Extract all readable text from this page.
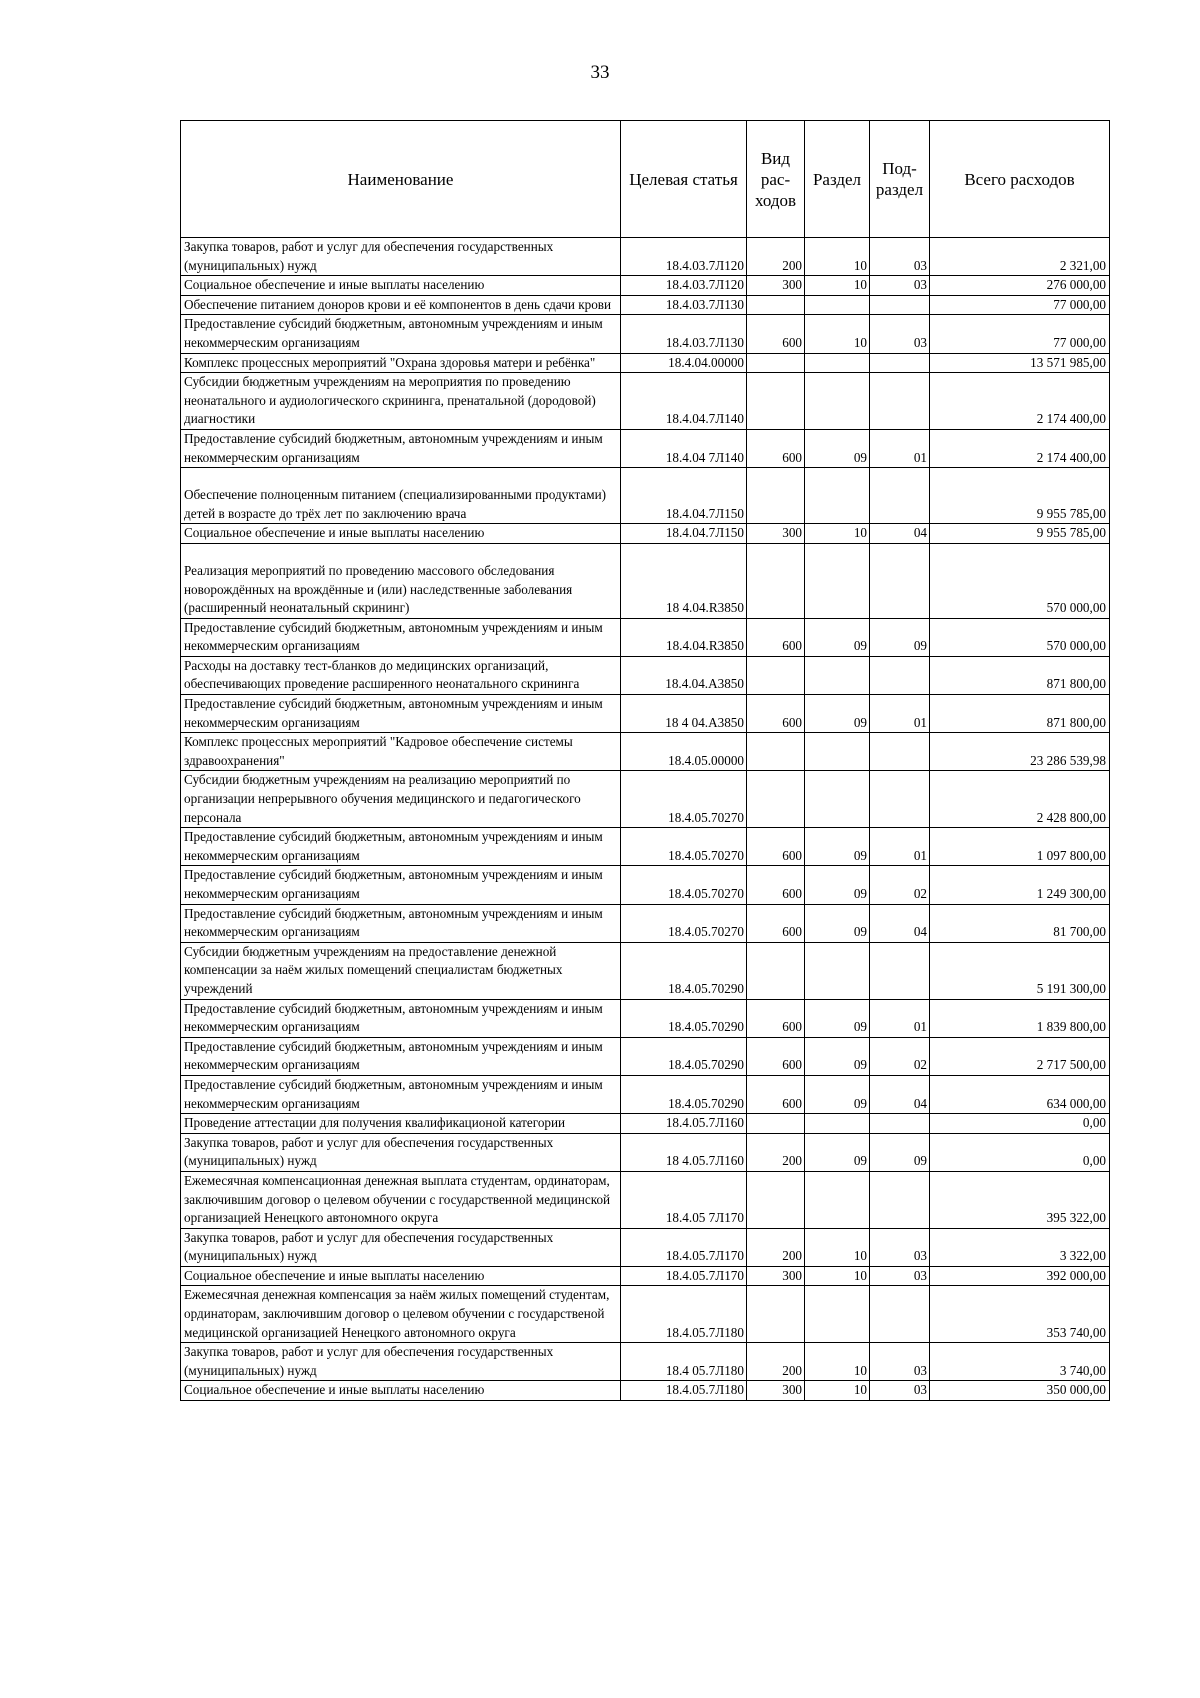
33
Наименование	Целевая статья	Вид рас- ходов	Раздел	Под- раздел	Всего расходов
Закупка товаров, работ и услуг для обеспечения государственных (муниципальных) нужд	18.4.03.7Л120	200	10	03	2 321,00
Социальное обеспечение и иные выплаты населению	18.4.03.7Л120	300	10	03	276 000,00
Обеспечение питанием доноров крови и её компонентов в день сдачи крови	18.4.03.7Л130				77 000,00
Предоставление субсидий бюджетным, автономным учреждениям и иным некоммерческим организациям	18.4.03.7Л130	600	10	03	77 000,00
Комплекс процессных мероприятий "Охрана здоровья матери и ребёнка"	18.4.04.00000				13 571 985,00
Субсидии бюджетным учреждениям на мероприятия по проведению неонатального и аудиологического скрининга, пренатальной (дородовой) диагностики	18.4.04.7Л140				2 174 400,00
Предоставление субсидий бюджетным, автономным учреждениям и иным некоммерческим организациям	18.4.04 7Л140	600	09	01	2 174 400,00
Обеспечение полноценным питанием (специализированными продуктами) детей в возрасте до трёх лет по заключению врача	18.4.04.7Л150				9 955 785,00
Социальное обеспечение и иные выплаты населению	18.4.04.7Л150	300	10	04	9 955 785,00
Реализация мероприятий по проведению массового обследования новорождённых на врождённые и (или) наследственные заболевания (расширенный неонатальный скрининг)	18 4.04.R3850				570 000,00
Предоставление субсидий бюджетным, автономным учреждениям и иным некоммерческим организациям	18.4.04.R3850	600	09	09	570 000,00
Расходы на доставку тест-бланков до медицинских организаций, обеспечивающих проведение расширенного неонатального скрининга	18.4.04.А3850				871 800,00
Предоставление субсидий бюджетным, автономным учреждениям и иным некоммерческим организациям	18 4 04.А3850	600	09	01	871 800,00
Комплекс процессных мероприятий "Кадровое обеспечение системы здравоохранения"	18.4.05.00000				23 286 539,98
Субсидии бюджетным учреждениям на реализацию мероприятий по организации непрерывного обучения медицинского и педагогического персонала	18.4.05.70270				2 428 800,00
Предоставление субсидий бюджетным, автономным учреждениям и иным некоммерческим организациям	18.4.05.70270	600	09	01	1 097 800,00
Предоставление субсидий бюджетным, автономным учреждениям и иным некоммерческим организациям	18.4.05.70270	600	09	02	1 249 300,00
Предоставление субсидий бюджетным, автономным учреждениям и иным некоммерческим организациям	18.4.05.70270	600	09	04	81 700,00
Субсидии бюджетным учреждениям на предоставление денежной компенсации за наём жилых помещений специалистам бюджетных учреждений	18.4.05.70290				5 191 300,00
Предоставление субсидий бюджетным, автономным учреждениям и иным некоммерческим организациям	18.4.05.70290	600	09	01	1 839 800,00
Предоставление субсидий бюджетным, автономным учреждениям и иным некоммерческим организациям	18.4.05.70290	600	09	02	2 717 500,00
Предоставление субсидий бюджетным, автономным учреждениям и иным некоммерческим организациям	18.4.05.70290	600	09	04	634 000,00
Проведение аттестации для получения квалификационой категории	18.4.05.7Л160				0,00
Закупка товаров, работ и услуг для обеспечения государственных (муниципальных) нужд	18 4.05.7Л160	200	09	09	0,00
Ежемесячная компенсационная денежная выплата студентам, ординаторам, заключившим договор о целевом обучении с государственной медицинской организацией Ненецкого автономного округа	18.4.05 7Л170				395 322,00
Закупка товаров, работ и услуг для обеспечения государственных (муниципальных) нужд	18.4.05.7Л170	200	10	03	3 322,00
Социальное обеспечение и иные выплаты населению	18.4.05.7Л170	300	10	03	392 000,00
Ежемесячная денежная компенсация за наём жилых помещений студентам, ординаторам, заключившим договор о целевом обучении с государственой медицинской организацией Ненецкого автономного округа	18.4.05.7Л180				353 740,00
Закупка товаров, работ и услуг для обеспечения государственных (муниципальных) нужд	18.4 05.7Л180	200	10	03	3 740,00
Социальное обеспечение и иные выплаты населению	18.4.05.7Л180	300	10	03	350 000,00
